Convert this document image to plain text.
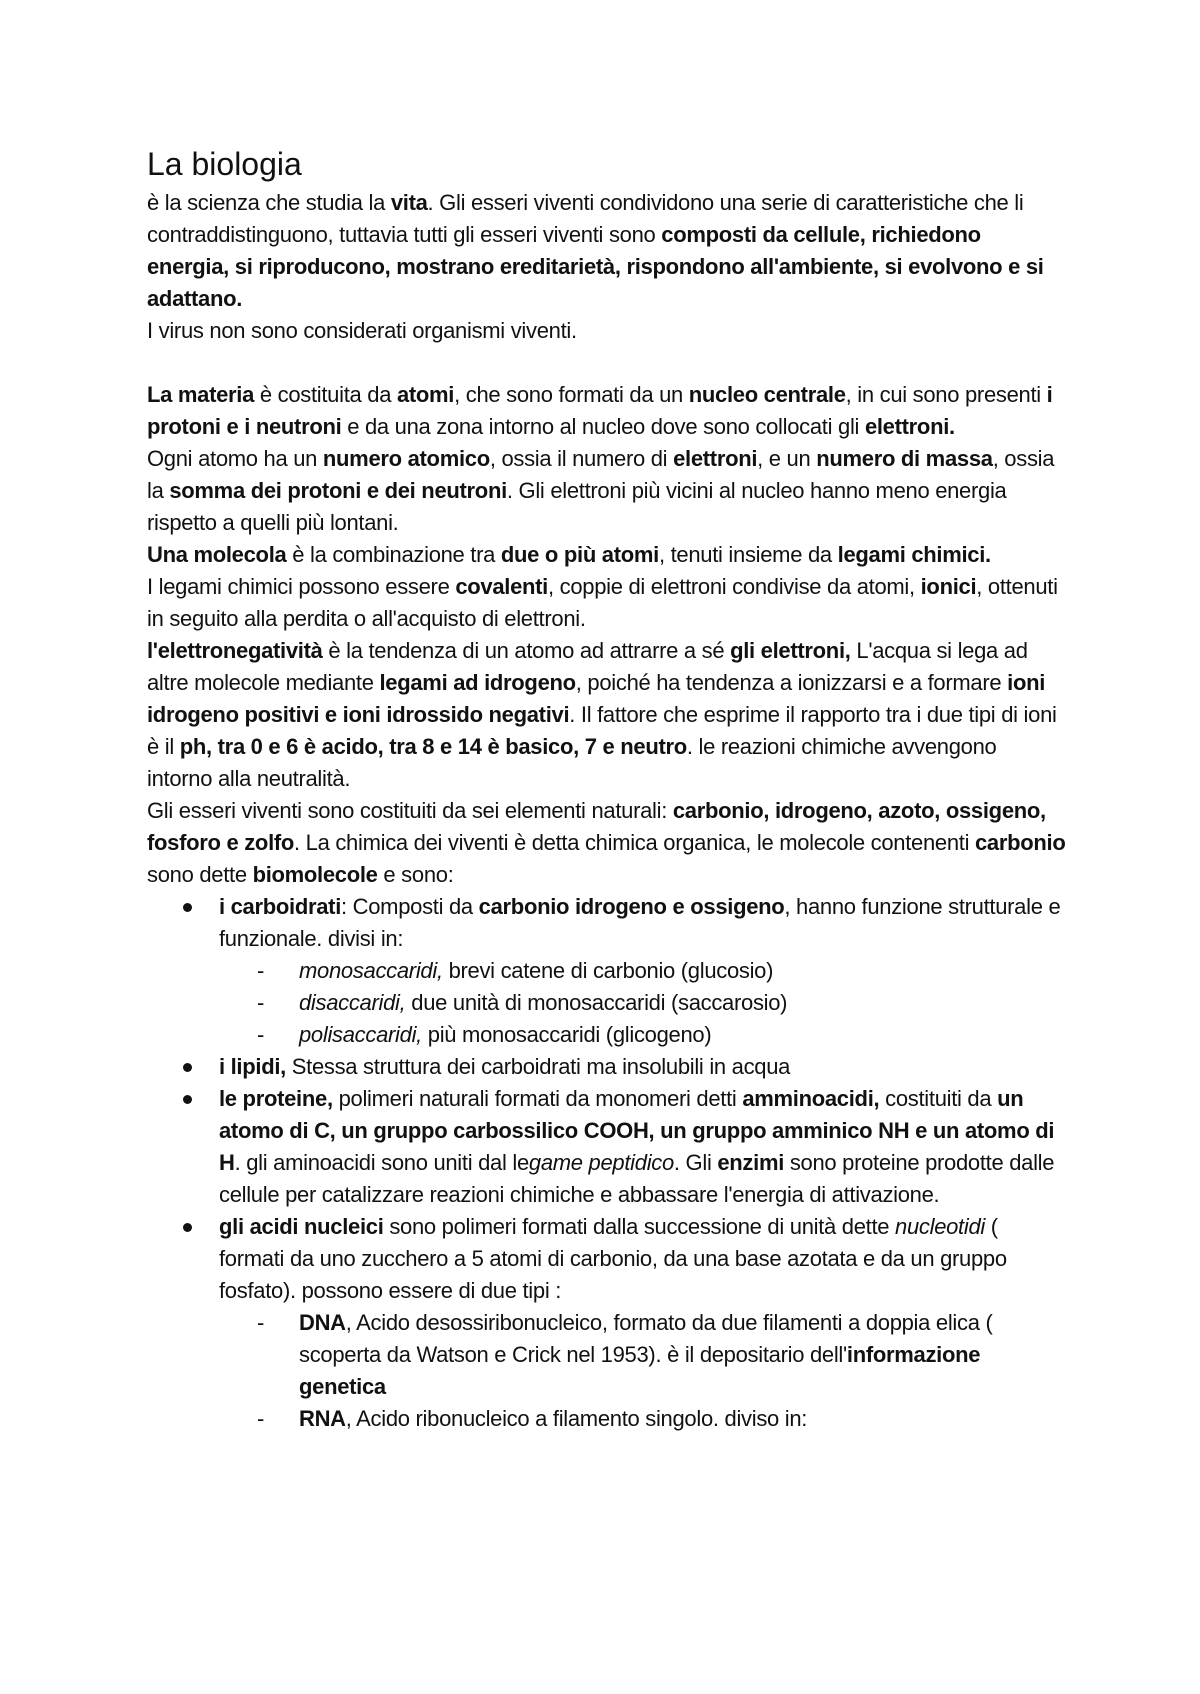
La biologia

è la scienza che studia la vita. Gli esseri viventi condividono una serie di caratteristiche che li contraddistinguono, tuttavia tutti gli esseri viventi sono composti da cellule, richiedono energia, si riproducono, mostrano ereditarietà, rispondono all'ambiente, si evolvono e si adattano.

I virus non sono considerati organismi viventi.

La materia è costituita da atomi, che sono formati da un nucleo centrale, in cui sono presenti i protoni e i neutroni e da una zona intorno al nucleo dove sono collocati gli elettroni.

Ogni atomo ha un numero atomico, ossia il numero di elettroni, e un numero di massa, ossia la somma dei protoni e dei neutroni. Gli elettroni più vicini al nucleo hanno meno energia rispetto a quelli più lontani.

Una molecola è la combinazione tra due o più atomi, tenuti insieme da legami chimici.

I legami chimici possono essere covalenti, coppie di elettroni condivise da atomi, ionici, ottenuti in seguito alla perdita o all'acquisto di elettroni.

l'elettronegatività è la tendenza di un atomo ad attrarre a sé gli elettroni, L'acqua si lega ad altre molecole mediante legami ad idrogeno, poiché ha tendenza a ionizzarsi e a formare ioni idrogeno positivi e ioni idrossido negativi. Il fattore che esprime il rapporto tra i due tipi di ioni è il ph, tra 0 e 6 è acido, tra 8 e 14 è basico, 7 e neutro. le reazioni chimiche avvengono intorno alla neutralità.

Gli esseri viventi sono costituiti da sei elementi naturali: carbonio, idrogeno, azoto, ossigeno, fosforo e zolfo. La chimica dei viventi è detta chimica organica, le molecole contenenti carbonio sono dette biomolecole e sono:

i carboidrati: Composti da carbonio idrogeno e ossigeno, hanno funzione strutturale e funzionale. divisi in:
- monosaccaridi, brevi catene di carbonio (glucosio)
- disaccaridi, due unità di monosaccaridi (saccarosio)
- polisaccaridi, più monosaccaridi (glicogeno)
i lipidi, Stessa struttura dei carboidrati ma insolubili in acqua
le proteine, polimeri naturali formati da monomeri detti amminoacidi, costituiti da un atomo di C, un gruppo carbossilico COOH, un gruppo amminico NH e un atomo di H. gli aminoacidi sono uniti dal legame peptidico. Gli enzimi sono proteine prodotte dalle cellule per catalizzare reazioni chimiche e abbassare l'energia di attivazione.
gli acidi nucleici sono polimeri formati dalla successione di unità dette nucleotidi ( formati da uno zucchero a 5 atomi di carbonio, da una base azotata e da un gruppo fosfato). possono essere di due tipi :
- DNA, Acido desossiribonucleico, formato da due filamenti a doppia elica ( scoperta da Watson e Crick nel 1953). è il depositario dell'informazione genetica
- RNA, Acido ribonucleico a filamento singolo. diviso in:
